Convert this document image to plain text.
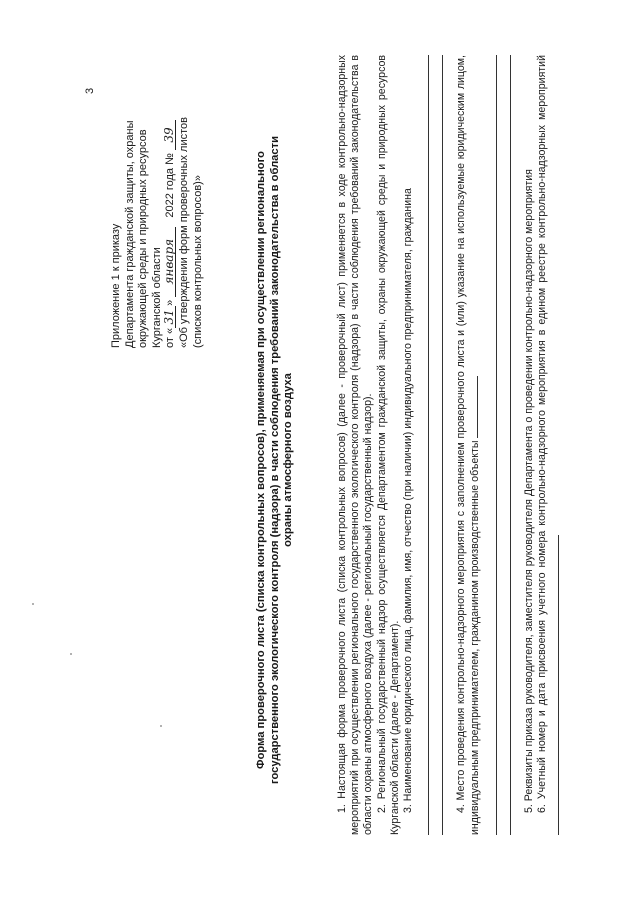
3
Приложение 1 к приказу Департамента гражданской защиты, охраны окружающей среды и природных ресурсов Курганской области от «31» января 2022 года № 39 «Об утверждении форм проверочных листов (списков контрольных вопросов)»	Форма проверочного листа (списка контрольных вопросов), применяемая при осуществлении регионального государственного экологического контроля (надзора) в части соблюдения требований законодательства в области охраны атмосферного воздуха	1. Настоящая форма проверочного листа (списка контрольных вопросов) (далее - проверочный лист) применяется в ходе контрольно-надзорных мероприятий при осуществлении регионального государственного экологического контроля (надзора) в части соблюдения требований законодательства в области охраны атмосферного воздуха (далее - региональный государственный надзор). 2. Региональный государственный надзор осуществляется Департаментом гражданской защиты, охраны окружающей среды и природных ресурсов Курганской области (далее - Департамент). 3. Наименование юридического лица, фамилия, имя, отчество (при наличии) индивидуального предпринимателя, гражданина	4. Место проведения контрольно-надзорного мероприятия с заполнением проверочного листа и (или) указание на используемые юридическим лицом, индивидуальным предпринимателем, гражданином производственные объекты	5. Реквизиты приказа руководителя, заместителя руководителя Департамента о проведении контрольно-надзорного мероприятия 6. Учетный номер и дата присвоения учетного номера контрольно-надзорного мероприятия в едином реестре контрольно-надзорных мероприятий
